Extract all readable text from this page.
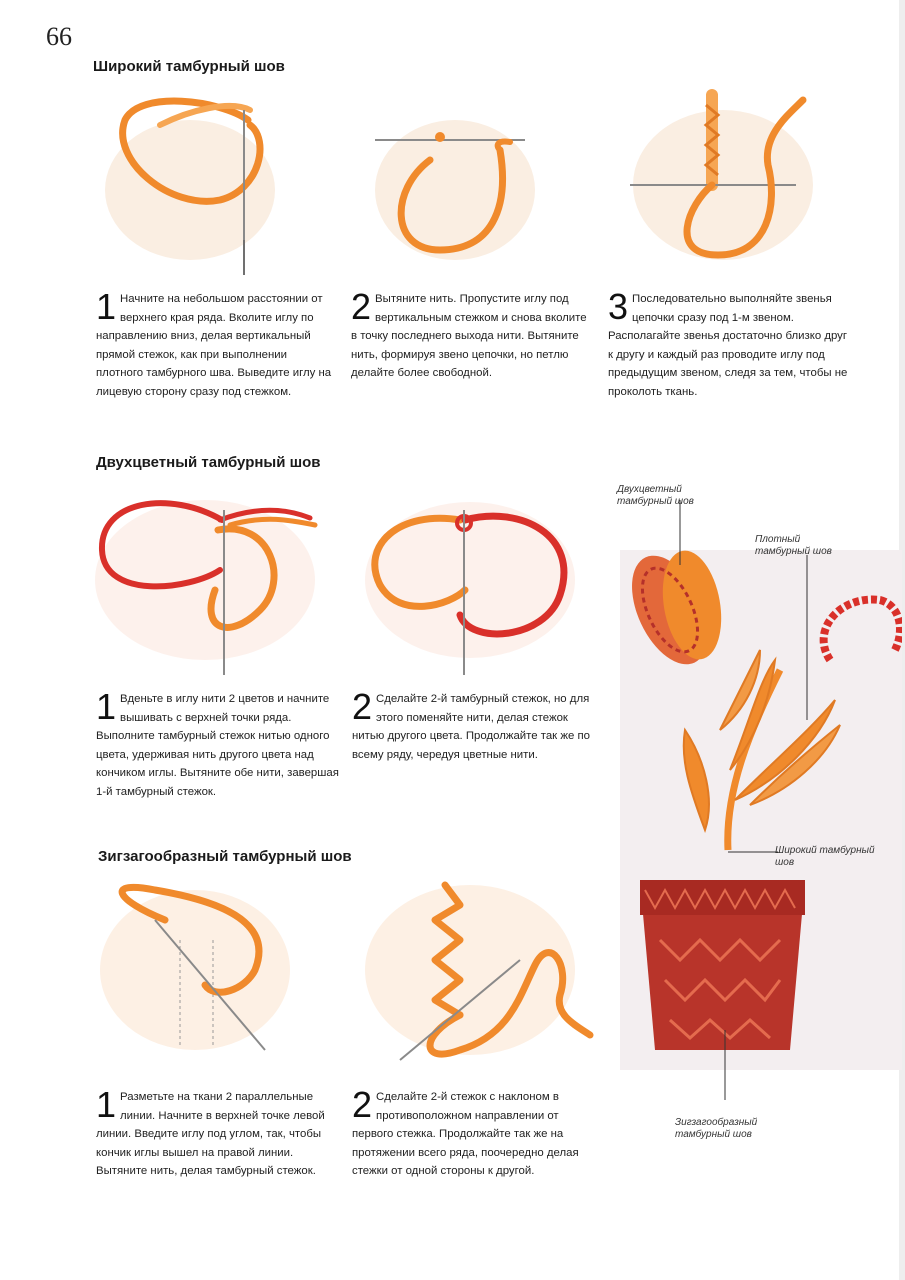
66
Широкий тамбурный шов
1 Начните на небольшом расстоянии от верхнего края ряда. Вколите иглу по направлению вниз, делая вертикальный прямой стежок, как при выполнении плотного тамбурного шва. Выведите иглу на лицевую сторону сразу под стежком.
2 Вытяните нить. Пропустите иглу под вертикальным стежком и снова вколите в точку последнего выхода нити. Вытяните нить, формируя звено цепочки, но петлю делайте более свободной.
3 Последовательно выполняйте звенья цепочки сразу под 1-м звеном. Располагайте звенья достаточно близко друг к другу и каждый раз проводите иглу под предыдущим звеном, следя за тем, чтобы не проколоть ткань.
Двухцветный тамбурный шов
1 Вденьте в иглу нити 2 цветов и начните вышивать с верхней точки ряда. Выполните тамбурный стежок нитью одного цвета, удерживая нить другого цвета над кончиком иглы. Вытяните обе нити, завершая 1-й тамбурный стежок.
2 Сделайте 2-й тамбурный стежок, но для этого поменяйте нити, делая стежок нитью другого цвета. Продолжайте так же по всему ряду, чередуя цветные нити.
Зигзагообразный тамбурный шов
1 Разметьте на ткани 2 параллельные линии. Начните в верхней точке левой линии. Введите иглу под углом, так, чтобы кончик иглы вышел на правой линии. Вытяните нить, делая тамбурный стежок.
2 Сделайте 2-й стежок с наклоном в противоположном направлении от первого стежка. Продолжайте так же на протяжении всего ряда, поочередно делая стежки от одной стороны к другой.
Двухцветный
тамбурный шов
Плотный
тамбурный шов
Широкий тамбурный
шов
Зигзагообразный
тамбурный шов
